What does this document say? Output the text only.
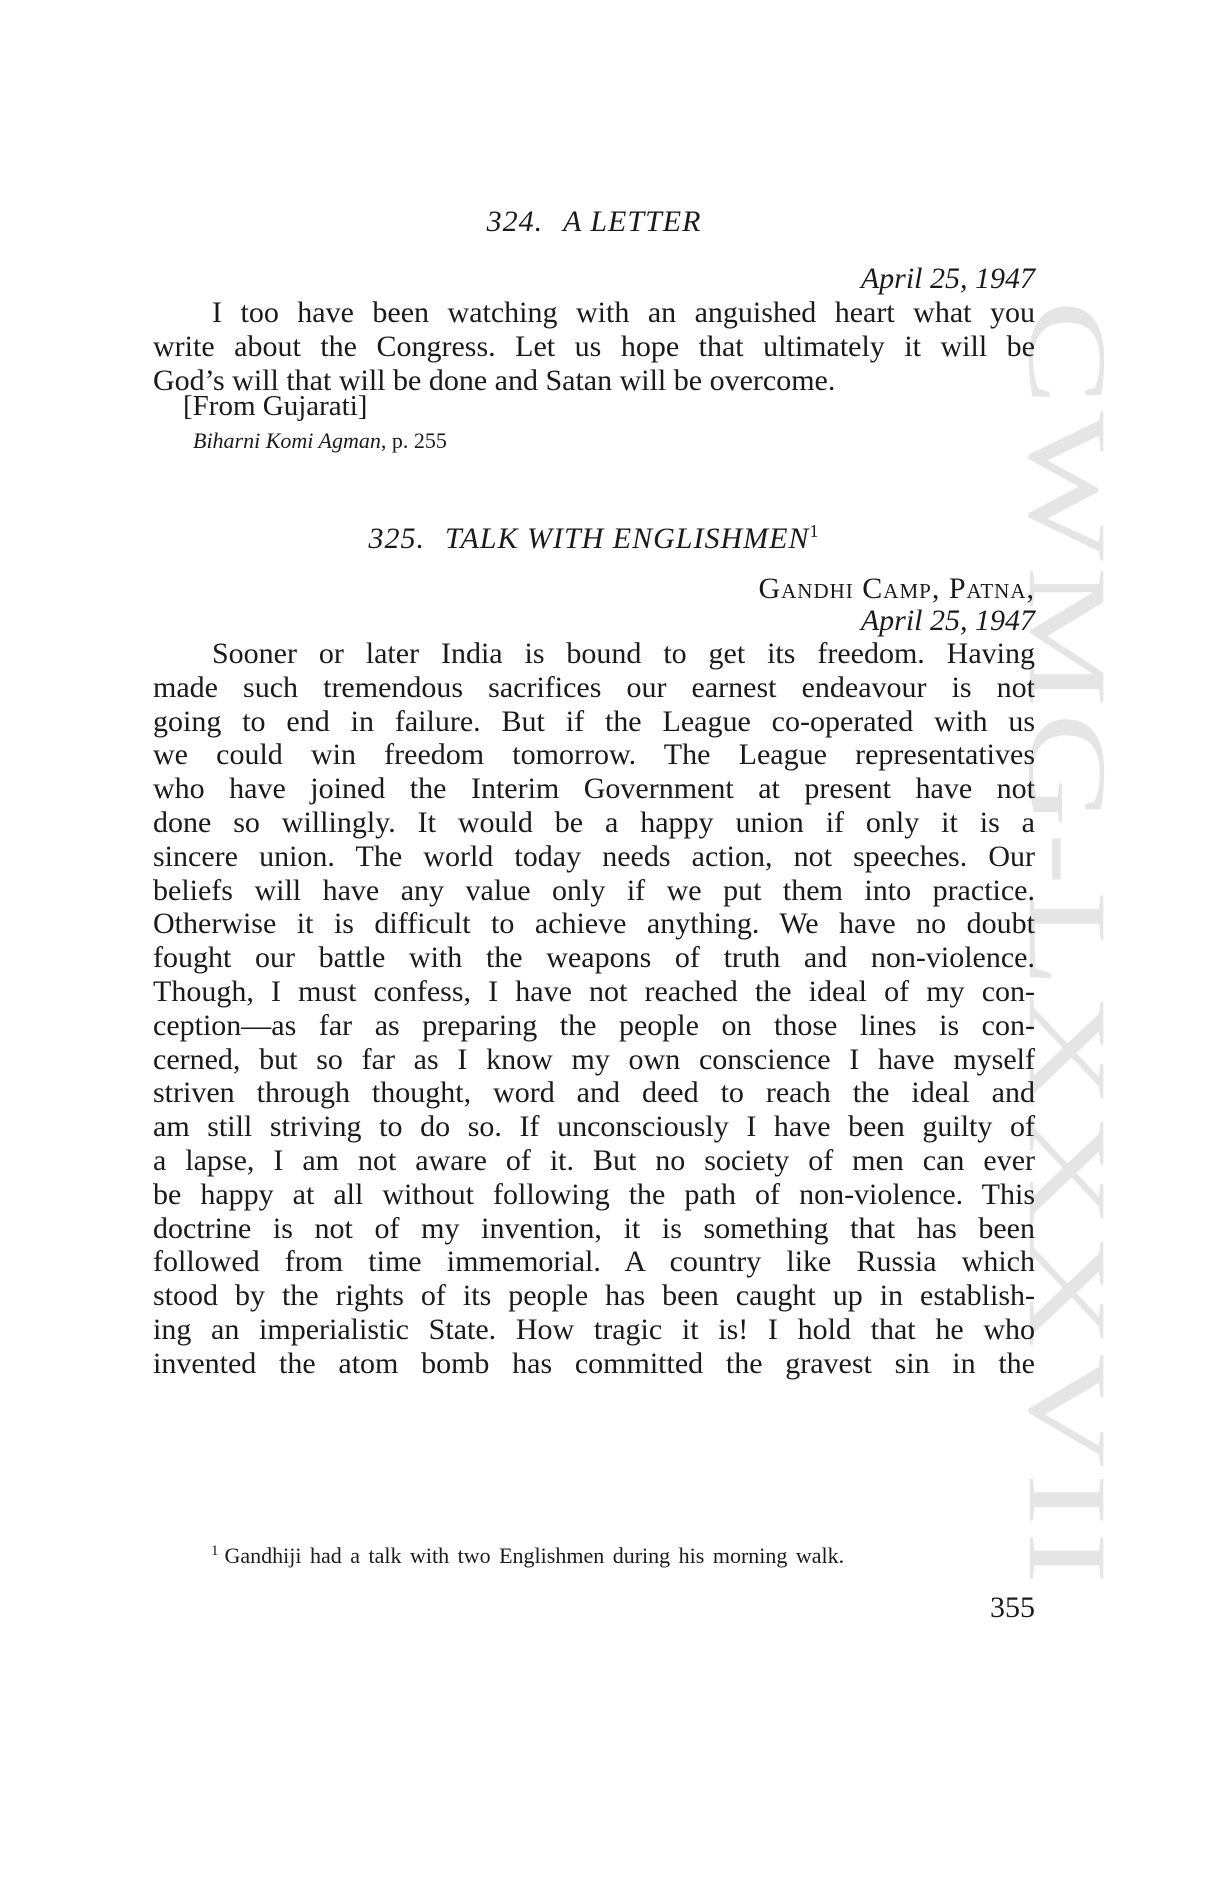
CWMG-LXXXVII
324. A LETTER
April 25, 1947
I too have been watching with an anguished heart what you
write about the Congress. Let us hope that ultimately it will be
God’s will that will be done and Satan will be overcome.
[From Gujarati]
Biharni Komi Agman, p. 255
325. TALK WITH ENGLISHMEN$^1$
Gandhi Camp, Patna,
April 25, 1947
Sooner or later India is bound to get its freedom. Having
made such tremendous sacrifices our earnest endeavour is not
going to end in failure. But if the League co-operated with us
we could win freedom tomorrow. The League representatives
who have joined the Interim Government at present have not
done so willingly. It would be a happy union if only it is a
sincere union. The world today needs action, not speeches. Our
beliefs will have any value only if we put them into practice.
Otherwise it is difficult to achieve anything. We have no doubt
fought our battle with the weapons of truth and non-violence.
Though, I must confess, I have not reached the ideal of my con-
ception—as far as preparing the people on those lines is con-
cerned, but so far as I know my own conscience I have myself
striven through thought, word and deed to reach the ideal and
am still striving to do so. If unconsciously I have been guilty of
a lapse, I am not aware of it. But no society of men can ever
be happy at all without following the path of non-violence. This
doctrine is not of my invention, it is something that has been
followed from time immemorial. A country like Russia which
stood by the rights of its people has been caught up in establish-
ing an imperialistic State. How tragic it is! I hold that he who
invented the atom bomb has committed the gravest sin in the
$^1$ Gandhiji had a talk with two Englishmen during his morning walk.
355
